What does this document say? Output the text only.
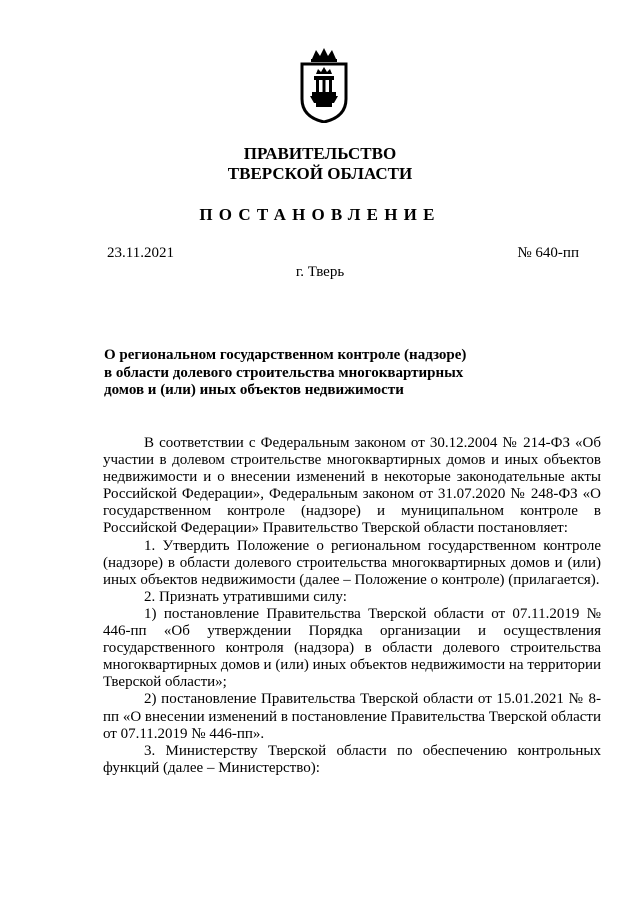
ПРАВИТЕЛЬСТВО
ТВЕРСКОЙ ОБЛАСТИ
ПОСТАНОВЛЕНИЕ
23.11.2021	№ 640-пп
г. Тверь
О региональном государственном контроле (надзоре)
в области долевого строительства многоквартирных
домов и (или) иных объектов недвижимости

В соответствии с Федеральным законом от 30.12.2004 № 214-ФЗ «Об участии в долевом строительстве многоквартирных домов и иных объектов недвижимости и о внесении изменений в некоторые законодательные акты Российской Федерации», Федеральным законом от 31.07.2020 № 248-ФЗ «О государственном контроле (надзоре) и муниципальном контроле в Российской Федерации» Правительство Тверской области постановляет:

1. Утвердить Положение о региональном государственном контроле (надзоре) в области долевого строительства многоквартирных домов и (или) иных объектов недвижимости (далее – Положение о контроле) (прилагается).

2. Признать утратившими силу:

1) постановление Правительства Тверской области от 07.11.2019 № 446-пп «Об утверждении Порядка организации и осуществления государственного контроля (надзора) в области долевого строительства многоквартирных домов и (или) иных объектов недвижимости на территории Тверской области»;

2) постановление Правительства Тверской области от 15.01.2021 № 8-пп «О внесении изменений в постановление Правительства Тверской области от 07.11.2019 № 446-пп».

3. Министерству Тверской области по обеспечению контрольных функций (далее – Министерство):
